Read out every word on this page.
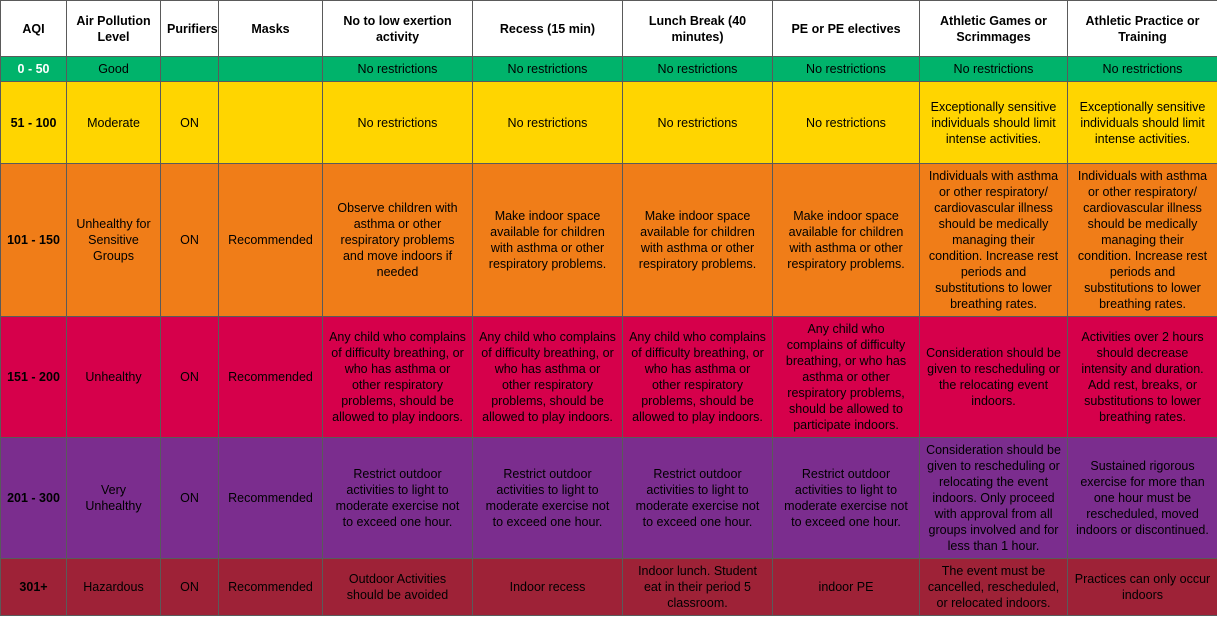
AQI	Air Pollution Level	Purifiers	Masks	No to low exertion activity	Recess (15 min)	Lunch Break (40 minutes)	PE or PE electives	Athletic Games or Scrimmages	Athletic Practice or Training
0 - 50	Good			No restrictions	No restrictions	No restrictions	No restrictions	No restrictions	No restrictions
51 - 100	Moderate	ON		No restrictions	No restrictions	No restrictions	No restrictions	Exceptionally sensitive individuals should limit intense activities.	Exceptionally sensitive individuals should limit intense activities.
101 - 150	Unhealthy for Sensitive Groups	ON	Recommended	Observe children with asthma or other respiratory problems and move indoors if needed	Make indoor space available for children with asthma or other respiratory problems.	Make indoor space available for children with asthma or other respiratory problems.	Make indoor space available for children with asthma or other respiratory problems.	Individuals with asthma or other respiratory/ cardiovascular illness should be medically managing their condition. Increase rest periods and substitutions to lower breathing rates.	Individuals with asthma or other respiratory/ cardiovascular illness should be medically managing their condition. Increase rest periods and substitutions to lower breathing rates.
151 - 200	Unhealthy	ON	Recommended	Any child who complains of difficulty breathing, or who has asthma or other respiratory problems, should be allowed to play indoors.	Any child who complains of difficulty breathing, or who has asthma or other respiratory problems, should be allowed to play indoors.	Any child who complains of difficulty breathing, or who has asthma or other respiratory problems, should be allowed to play indoors.	Any child who complains of difficulty breathing, or who has asthma or other respiratory problems, should be allowed to participate indoors.	Consideration should be given to rescheduling or the relocating event indoors.	Activities over 2 hours should decrease intensity and duration. Add rest, breaks, or substitutions to lower breathing rates.
201 - 300	Very Unhealthy	ON	Recommended	Restrict outdoor activities to light to moderate exercise not to exceed one hour.	Restrict outdoor activities to light to moderate exercise not to exceed one hour.	Restrict outdoor activities to light to moderate exercise not to exceed one hour.	Restrict outdoor activities to light to moderate exercise not to exceed one hour.	Consideration should be given to rescheduling or relocating the event indoors. Only proceed with approval from all groups involved and for less than 1 hour.	Sustained rigorous exercise for more than one hour must be rescheduled, moved indoors or discontinued.
301+	Hazardous	ON	Recommended	Outdoor Activities should be avoided	Indoor recess	Indoor lunch. Student eat in their period 5 classroom.	indoor PE	The event must be cancelled, rescheduled, or relocated indoors.	Practices can only occur indoors
